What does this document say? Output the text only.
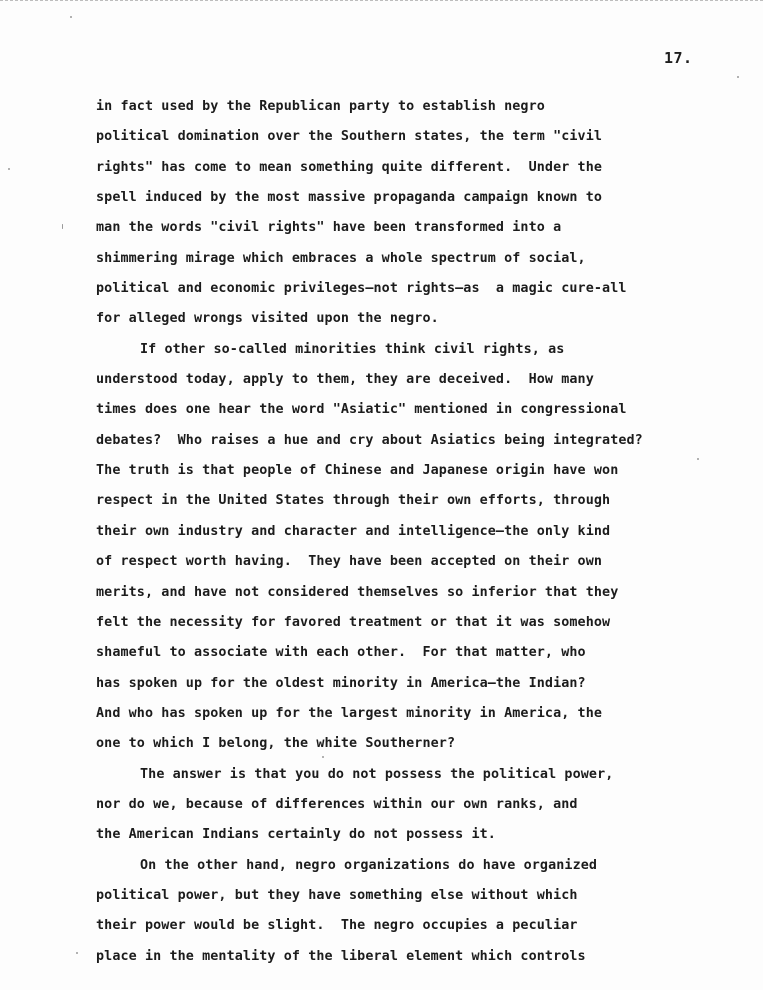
17.
in fact used by the Republican party to establish negro
political domination over the Southern states, the term "civil
rights" has come to mean something quite different.  Under the
spell induced by the most massive propaganda campaign known to
man the words "civil rights" have been transformed into a
shimmering mirage which embraces a whole spectrum of social,
political and economic privileges—not rights—as  a magic cure-all
for alleged wrongs visited upon the negro.
If other so-called minorities think civil rights, as
understood today, apply to them, they are deceived.  How many
times does one hear the word "Asiatic" mentioned in congressional
debates?  Who raises a hue and cry about Asiatics being integrated?
The truth is that people of Chinese and Japanese origin have won
respect in the United States through their own efforts, through
their own industry and character and intelligence—the only kind
of respect worth having.  They have been accepted on their own
merits, and have not considered themselves so inferior that they
felt the necessity for favored treatment or that it was somehow
shameful to associate with each other.  For that matter, who
has spoken up for the oldest minority in America—the Indian?
And who has spoken up for the largest minority in America, the
one to which I belong, the white Southerner?
The answer is that you do not possess the political power,
nor do we, because of differences within our own ranks, and
the American Indians certainly do not possess it.
On the other hand, negro organizations do have organized
political power, but they have something else without which
their power would be slight.  The negro occupies a peculiar
place in the mentality of the liberal element which controls
